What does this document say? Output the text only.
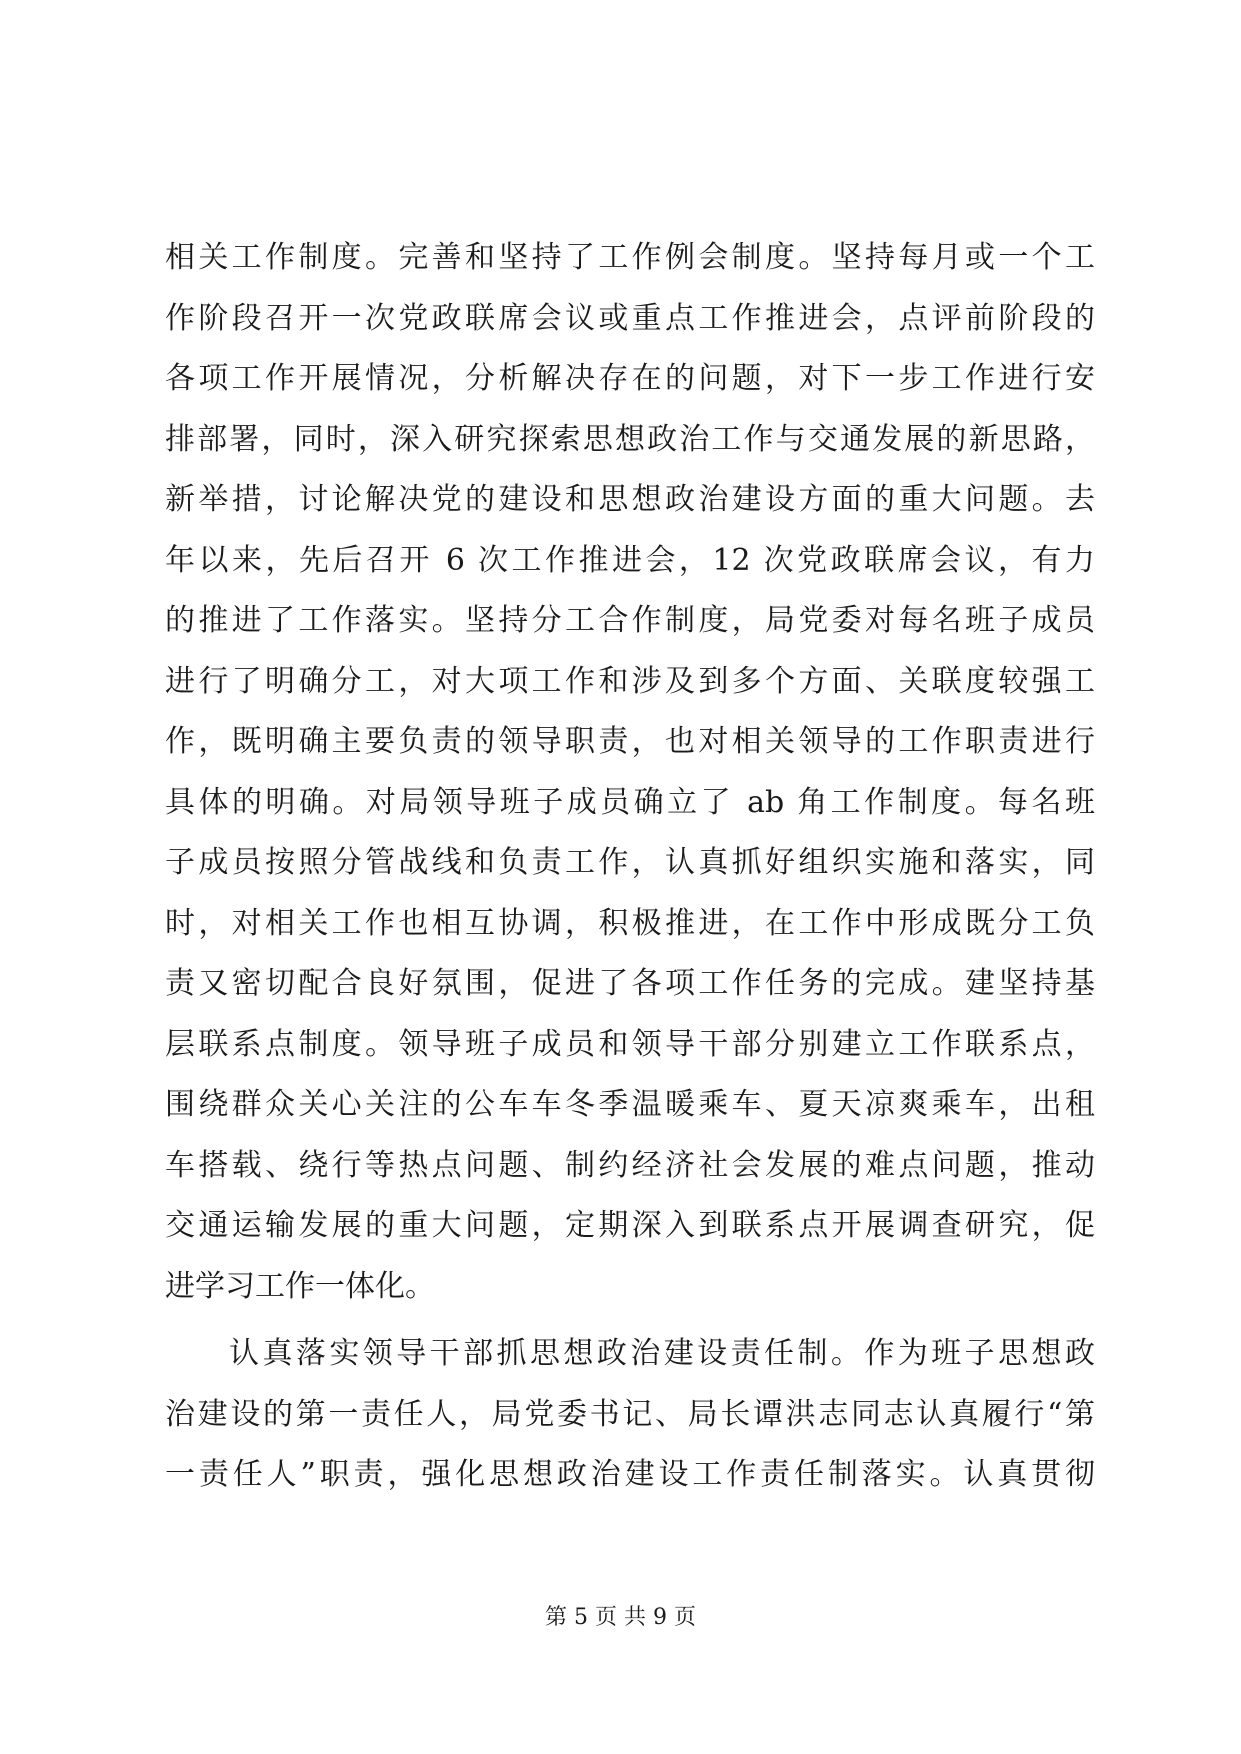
相关工作制度。完善和坚持了工作例会制度。坚持每月或一个工
作阶段召开一次党政联席会议或重点工作推进会，点评前阶段的
各项工作开展情况，分析解决存在的问题，对下一步工作进行安
排部署，同时，深入研究探索思想政治工作与交通发展的新思路，
新举措，讨论解决党的建设和思想政治建设方面的重大问题。去
年以来，先后召开 6 次工作推进会，12 次党政联席会议，有力
的推进了工作落实。坚持分工合作制度，局党委对每名班子成员
进行了明确分工，对大项工作和涉及到多个方面、关联度较强工
作，既明确主要负责的领导职责，也对相关领导的工作职责进行
具体的明确。对局领导班子成员确立了 ab 角工作制度。每名班
子成员按照分管战线和负责工作，认真抓好组织实施和落实，同
时，对相关工作也相互协调，积极推进，在工作中形成既分工负
责又密切配合良好氛围，促进了各项工作任务的完成。建坚持基
层联系点制度。领导班子成员和领导干部分别建立工作联系点，
围绕群众关心关注的公车车冬季温暖乘车、夏天凉爽乘车，出租
车搭载、绕行等热点问题、制约经济社会发展的难点问题，推动
交通运输发展的重大问题，定期深入到联系点开展调查研究，促
进学习工作一体化。
认真落实领导干部抓思想政治建设责任制。作为班子思想政
治建设的第一责任人，局党委书记、局长谭洪志同志认真履行“第
一责任人”职责，强化思想政治建设工作责任制落实。认真贯彻
第 5 页 共 9 页
